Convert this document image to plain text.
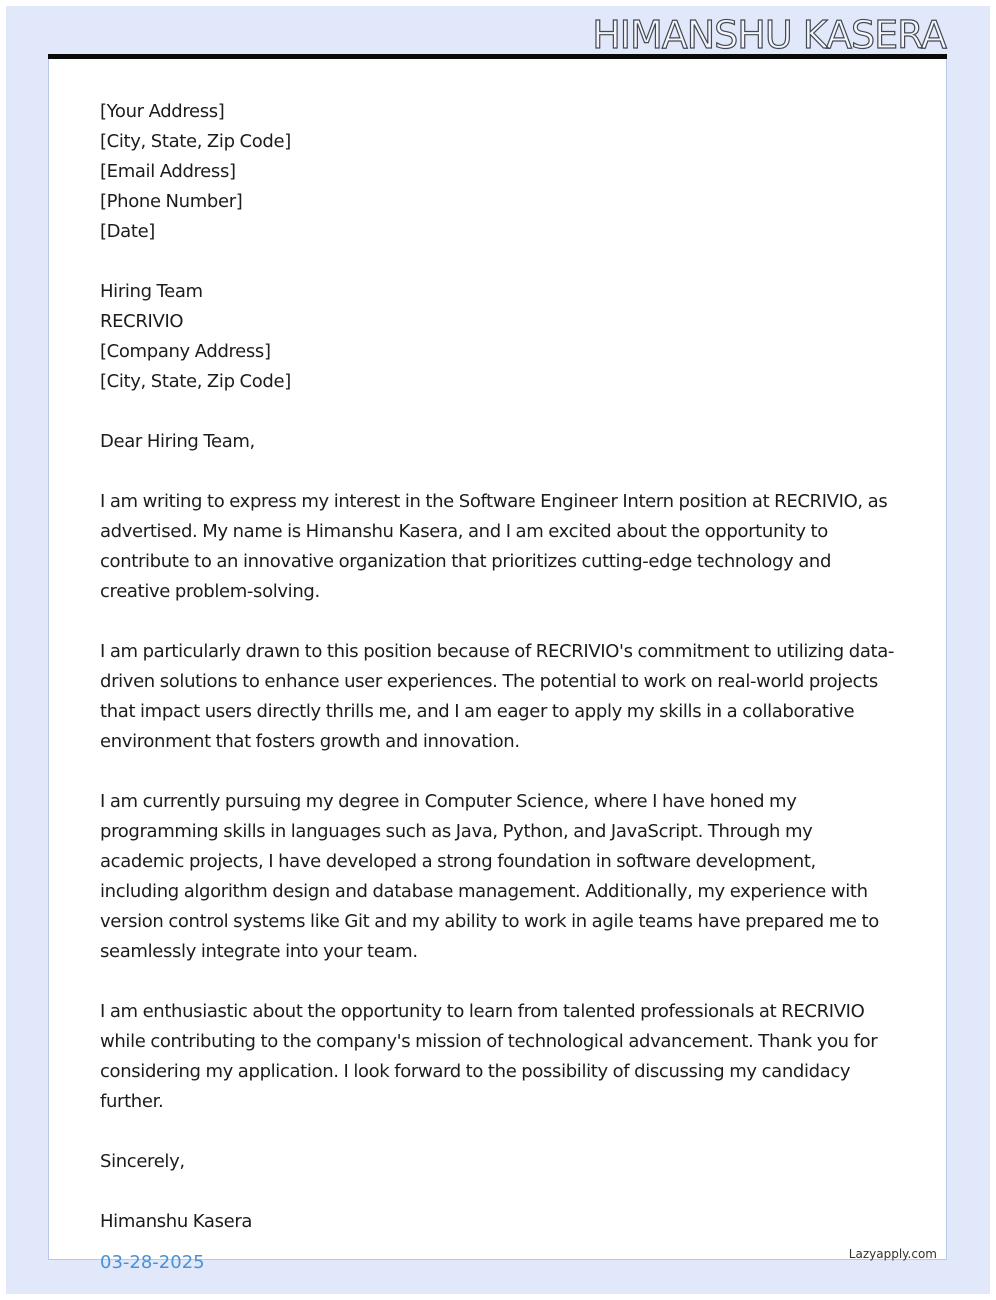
HIMANSHU KASERA
[Your Address]
[City, State, Zip Code]
[Email Address]
[Phone Number]
[Date]
Hiring Team
RECRIVIO
[Company Address]
[City, State, Zip Code]
Dear Hiring Team,
I am writing to express my interest in the Software Engineer Intern position at RECRIVIO, as advertised. My name is Himanshu Kasera, and I am excited about the opportunity to contribute to an innovative organization that prioritizes cutting-edge technology and creative problem-solving.
I am particularly drawn to this position because of RECRIVIO's commitment to utilizing data-driven solutions to enhance user experiences. The potential to work on real-world projects that impact users directly thrills me, and I am eager to apply my skills in a collaborative environment that fosters growth and innovation.
I am currently pursuing my degree in Computer Science, where I have honed my programming skills in languages such as Java, Python, and JavaScript. Through my academic projects, I have developed a strong foundation in software development, including algorithm design and database management. Additionally, my experience with version control systems like Git and my ability to work in agile teams have prepared me to seamlessly integrate into your team.
I am enthusiastic about the opportunity to learn from talented professionals at RECRIVIO while contributing to the company's mission of technological advancement. Thank you for considering my application. I look forward to the possibility of discussing my candidacy further.
Sincerely,
Himanshu Kasera
03-28-2025	Lazyapply.com
